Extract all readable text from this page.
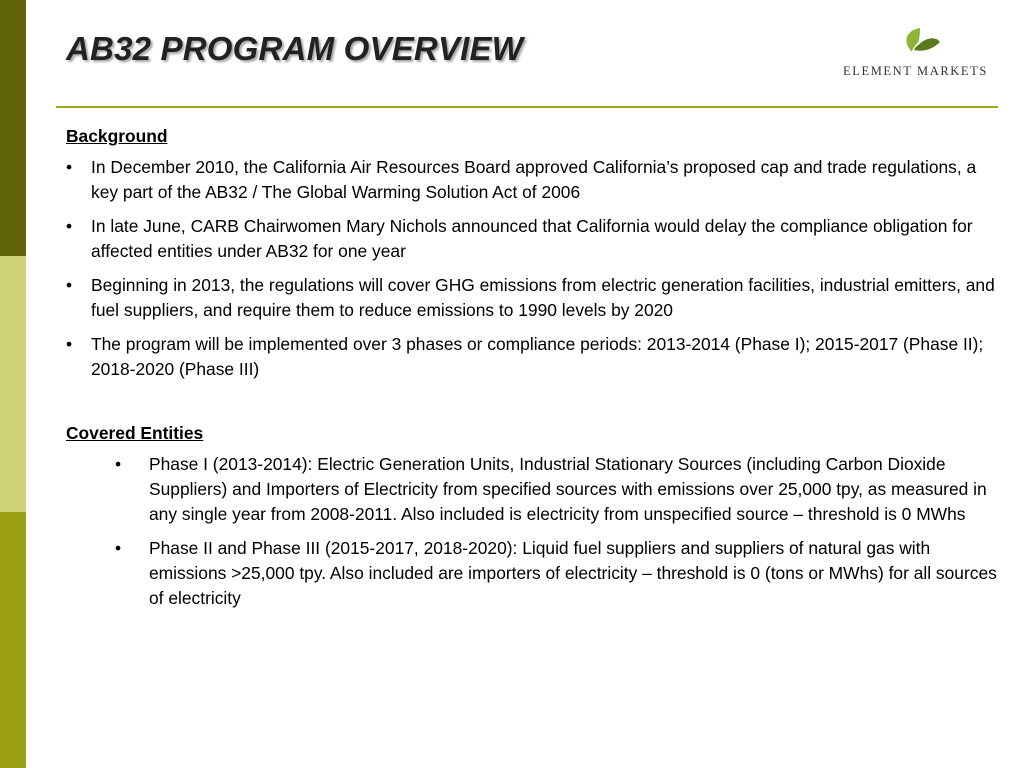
AB32 PROGRAM OVERVIEW
ELEMENT MARKETS

Background

• In December 2010, the California Air Resources Board approved California’s proposed cap and trade regulations, a key part of the AB32 / The Global Warming Solution Act of 2006
• In late June, CARB Chairwomen Mary Nichols announced that California would delay the compliance obligation for affected entities under AB32 for one year
• Beginning in 2013, the regulations will cover GHG emissions from electric generation facilities, industrial emitters, and fuel suppliers, and require them to reduce emissions to 1990 levels by 2020
• The program will be implemented over 3 phases or compliance periods: 2013-2014 (Phase I); 2015-2017 (Phase II); 2018-2020 (Phase III)

Covered Entities

• Phase I (2013-2014): Electric Generation Units, Industrial Stationary Sources (including Carbon Dioxide Suppliers) and Importers of Electricity from specified sources with emissions over 25,000 tpy, as measured in any single year from 2008-2011. Also included is electricity from unspecified source – threshold is 0 MWhs
• Phase II and Phase III (2015-2017, 2018-2020): Liquid fuel suppliers and suppliers of natural gas with emissions >25,000 tpy. Also included are importers of electricity – threshold is 0 (tons or MWhs) for all sources of electricity
